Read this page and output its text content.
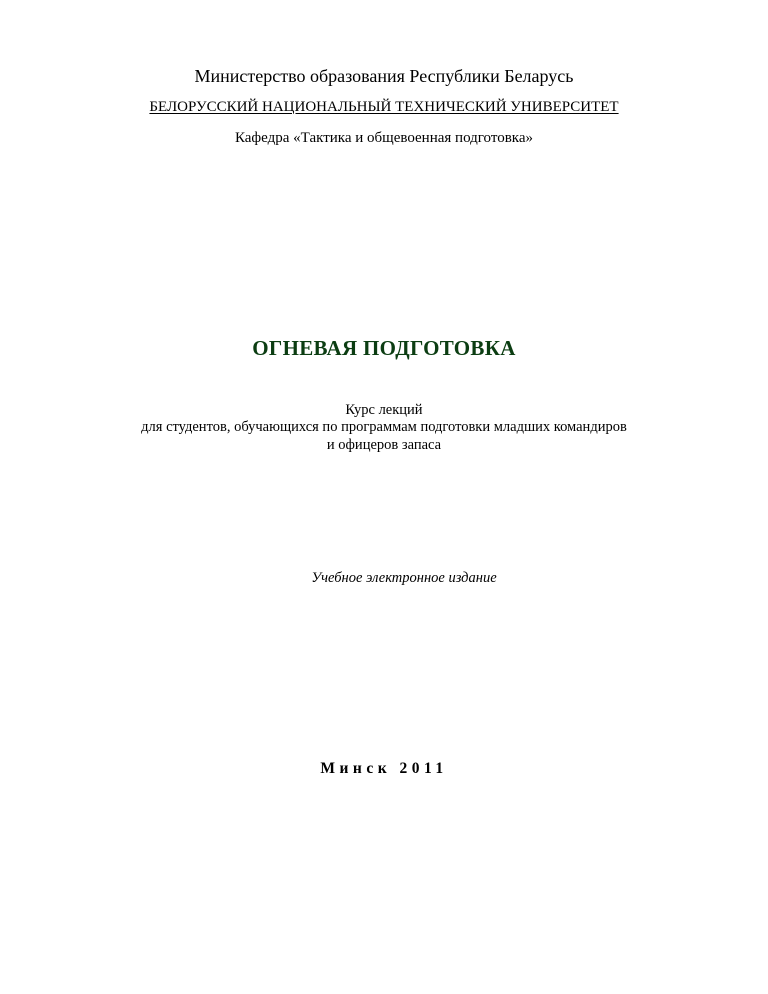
Министерство образования Республики Беларусь
БЕЛОРУССКИЙ НАЦИОНАЛЬНЫЙ ТЕХНИЧЕСКИЙ УНИВЕРСИТЕТ
Кафедра «Тактика и общевоенная подготовка»
ОГНЕВАЯ ПОДГОТОВКА
Курс лекций
для студентов, обучающихся по программам подготовки младших командиров
и офицеров запаса
Учебное электронное издание
Минск 2011
